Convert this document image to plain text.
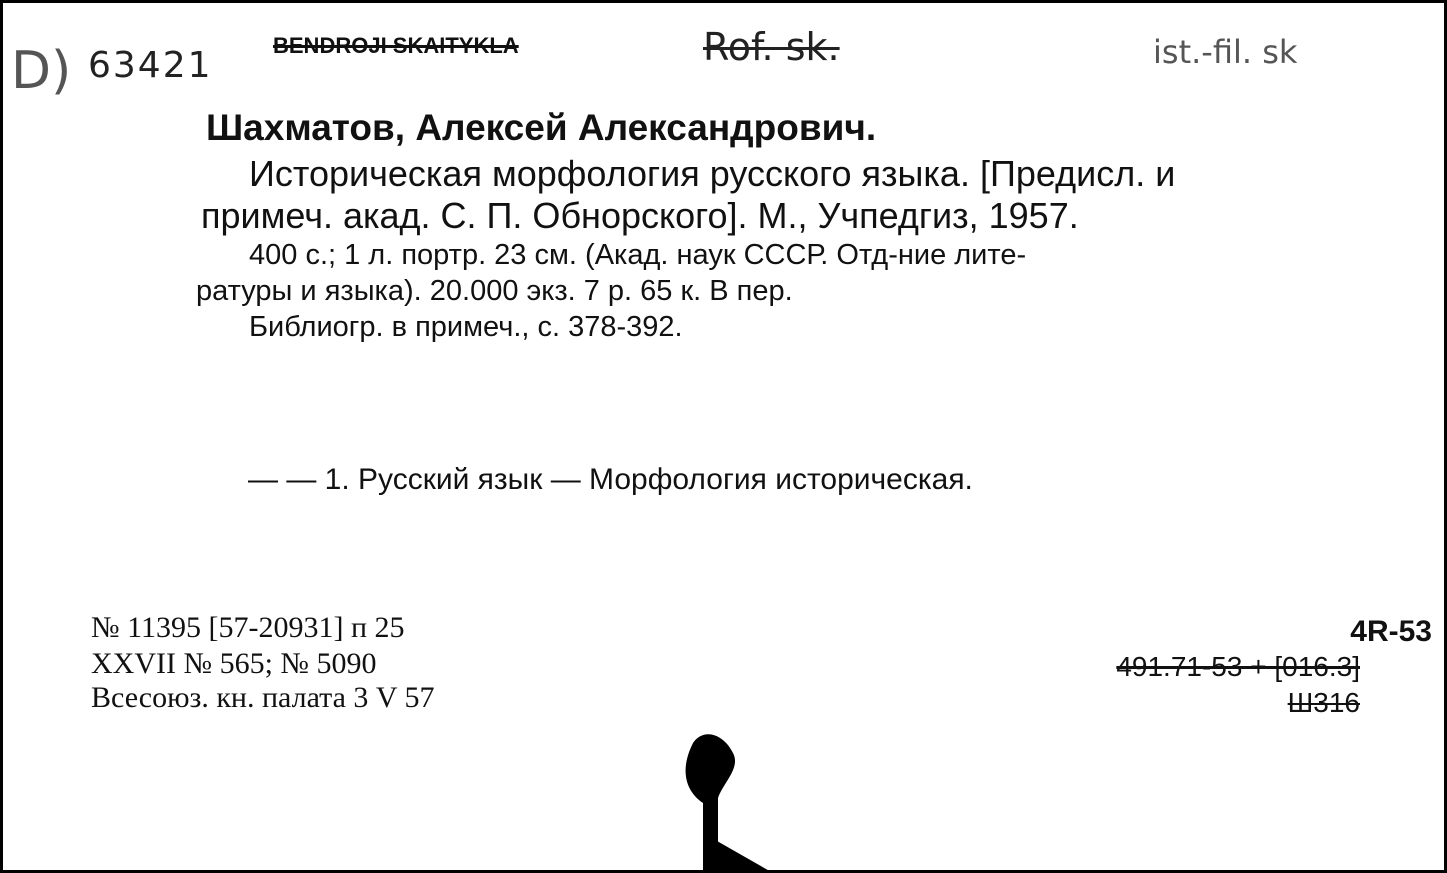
D) 63421	BENDROJI SKAITYKLA	Rof. sk.	ist.-fil. sk
Шахматов, Алексей Александрович.
Историческая морфология русского языка. [Предисл. и
примеч. акад. С. П. Обнорского]. М., Учпедгиз, 1957.
400 с.; 1 л. портр. 23 см. (Акад. наук СССР. Отд-ние лите-
ратуры и языка). 20.000 экз. 7 р. 65 к. В пер.
Библиогр. в примеч., с. 378-392.
— — 1. Русский язык — Морфология историческая.
№ 11395 [57-20931] п 25
XXVII № 565; № 5090
Всесоюз. кн. палата 3 V 57
4R-53
491.71-53 + [016.3]
Ш316
